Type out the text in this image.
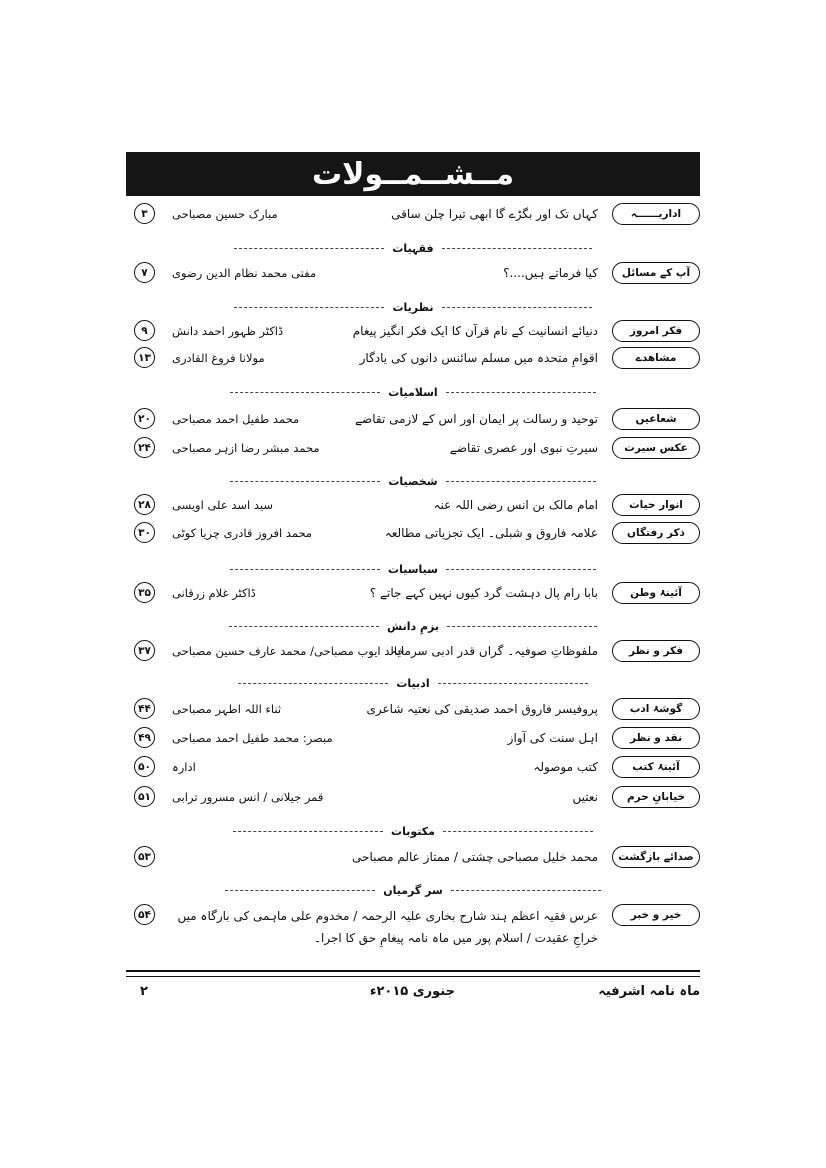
مــشــمــولات
اداریــــــہ
کہاں تک اور بگڑے گا ابھی تیرا چلن ساقی
مبارک حسین مصباحی
۳
فقہیات
آپ کے مسائل
کیا فرماتے ہیں....؟
مفتی محمد نظام الدین رضوی
۷
نظریات
فکر امروز
دنیائے انسانیت کے نام قرآن کا ایک فکر انگیز پیغام
ڈاکٹر ظہور احمد دانش
۹
مشاهدے
اقوامِ متحدہ میں مسلم سائنس دانوں کی یادگار
مولانا فروغ القادری
۱۳
اسلامیات
شعاعیں
توحید و رسالت پر ایمان اور اس کے لازمی تقاضے
محمد طفیل احمد مصباحی
۲۰
عکس سیرت
سیرتِ نبوی اور عصری تقاضے
محمد مبشر رضا ازہر مصباحی
۲۴
شخصیات
انوار حیات
امام مالک بن انس رضی اللہ عنہ
سید اسد علی اویسی
۲۸
ذکر رفتگاں
علامہ فاروق و شبلی۔ ایک تجزیاتی مطالعہ
محمد افروز قادری چریا کوٹی
۳۰
سیاسیات
آئینۂ وطن
بابا رام پال دہشت گرد کیوں نہیں کہے جاتے ؟
ڈاکٹر غلام زرقانی
۳۵
بزمِ دانش
فکر و نظر
ملفوظاتِ صوفیہ۔ گراں قدر ادبی سرمایہ
خالد ایوب مصباحی/ محمد عارف حسین مصباحی
۳۷
ادبیات
گوشۂ ادب
پروفیسر فاروق احمد صدیقی کی نعتیہ شاعری
ثناء اللہ اطہر مصباحی
۴۴
نقد و نظر
اہل سنت کی آواز
مبصر: محمد طفیل احمد مصباحی
۴۹
آئینۂ کتب
کتب موصولہ
ادارہ
۵۰
خیابانِ حرم
نعتیں
قمر جیلانی / انس مسرور ترابی
۵۱
مکتوبات
صدائے بازگشت
محمد خلیل مصباحی چشتی / ممتاز عالم مصباحی
۵۳
سر گرمیاں
خیر و خبر
عرس فقیہ اعظم ہند شارح بخاری علیہ الرحمہ / مخدوم علی ماہمی کی بارگاہ میں خراجِ عقیدت / اسلام پور میں ماہ نامہ پیغامِ حق کا اجرا۔
۵۴
ماہ نامہ اشرفیہ
جنوری ۲۰۱۵ء
۲
